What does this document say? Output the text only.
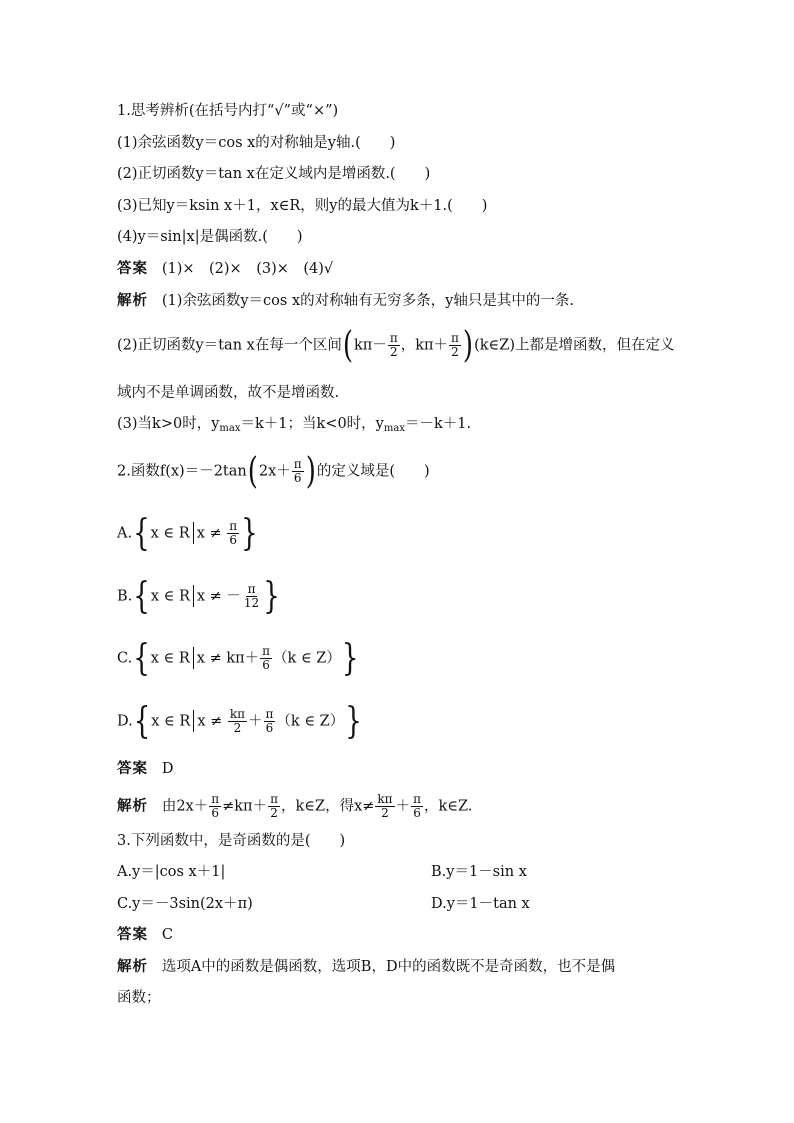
1.思考辨析(在括号内打“√”或“×”)
(1)余弦函数y＝cos x的对称轴是y轴.(　　)
(2)正切函数y＝tan x在定义域内是增函数.(　　)
(3)已知y＝ksin x＋1，x∈R，则y的最大值为k＋1.(　　)
(4)y＝sin|x|是偶函数.(　　)
答案 (1)×　(2)×　(3)×　(4)√
解析 (1)余弦函数y＝cos x的对称轴有无穷多条，y轴只是其中的一条.
(2)正切函数y＝tan x在每一个区间($k\pi- \frac{\pi}{2}$ ，$k\pi+ \frac{\pi}{2}$ )(k∈Z)上都是增函数，但在定义
域内不是单调函数，故不是增函数.
(3)当k>0时，$y_{max}=k+1$；当k<0时，$y_{max}=-k+1$.
2.函数$f(x)=-2\tan(2x+ \frac{\pi}{6}$ )的定义域是(　　)
A.{x ∈ R $x \ne \frac{\pi}{6}$ }
B.{x ∈ R x ≠ － $\frac{\pi}{12}$ }
C.{x ∈ R $x \ne k\pi+ \frac{\pi}{6} (k$ ∈ Z）}
D.{x ∈ R $x \ne \frac{k\pi}{2} + \frac{\pi}{6} (k$ ∈ Z）}
答案 D
解析 由$2x+ \frac{\pi}{6} \ne k\pi+ \frac{\pi}{2}$ ，k∈Z，得$x\ne \frac{k\pi}{2} + \frac{\pi}{6}$ ，k∈Z.
3.下列函数中，是奇函数的是(　　)
A.y＝|cos x＋1|	B.y＝1－sin x
C.y＝－3sin(2x＋π)	D.y＝1－tan x
答案 C
解析 选项A中的函数是偶函数，选项B，D中的函数既不是奇函数，也不是偶
函数；
